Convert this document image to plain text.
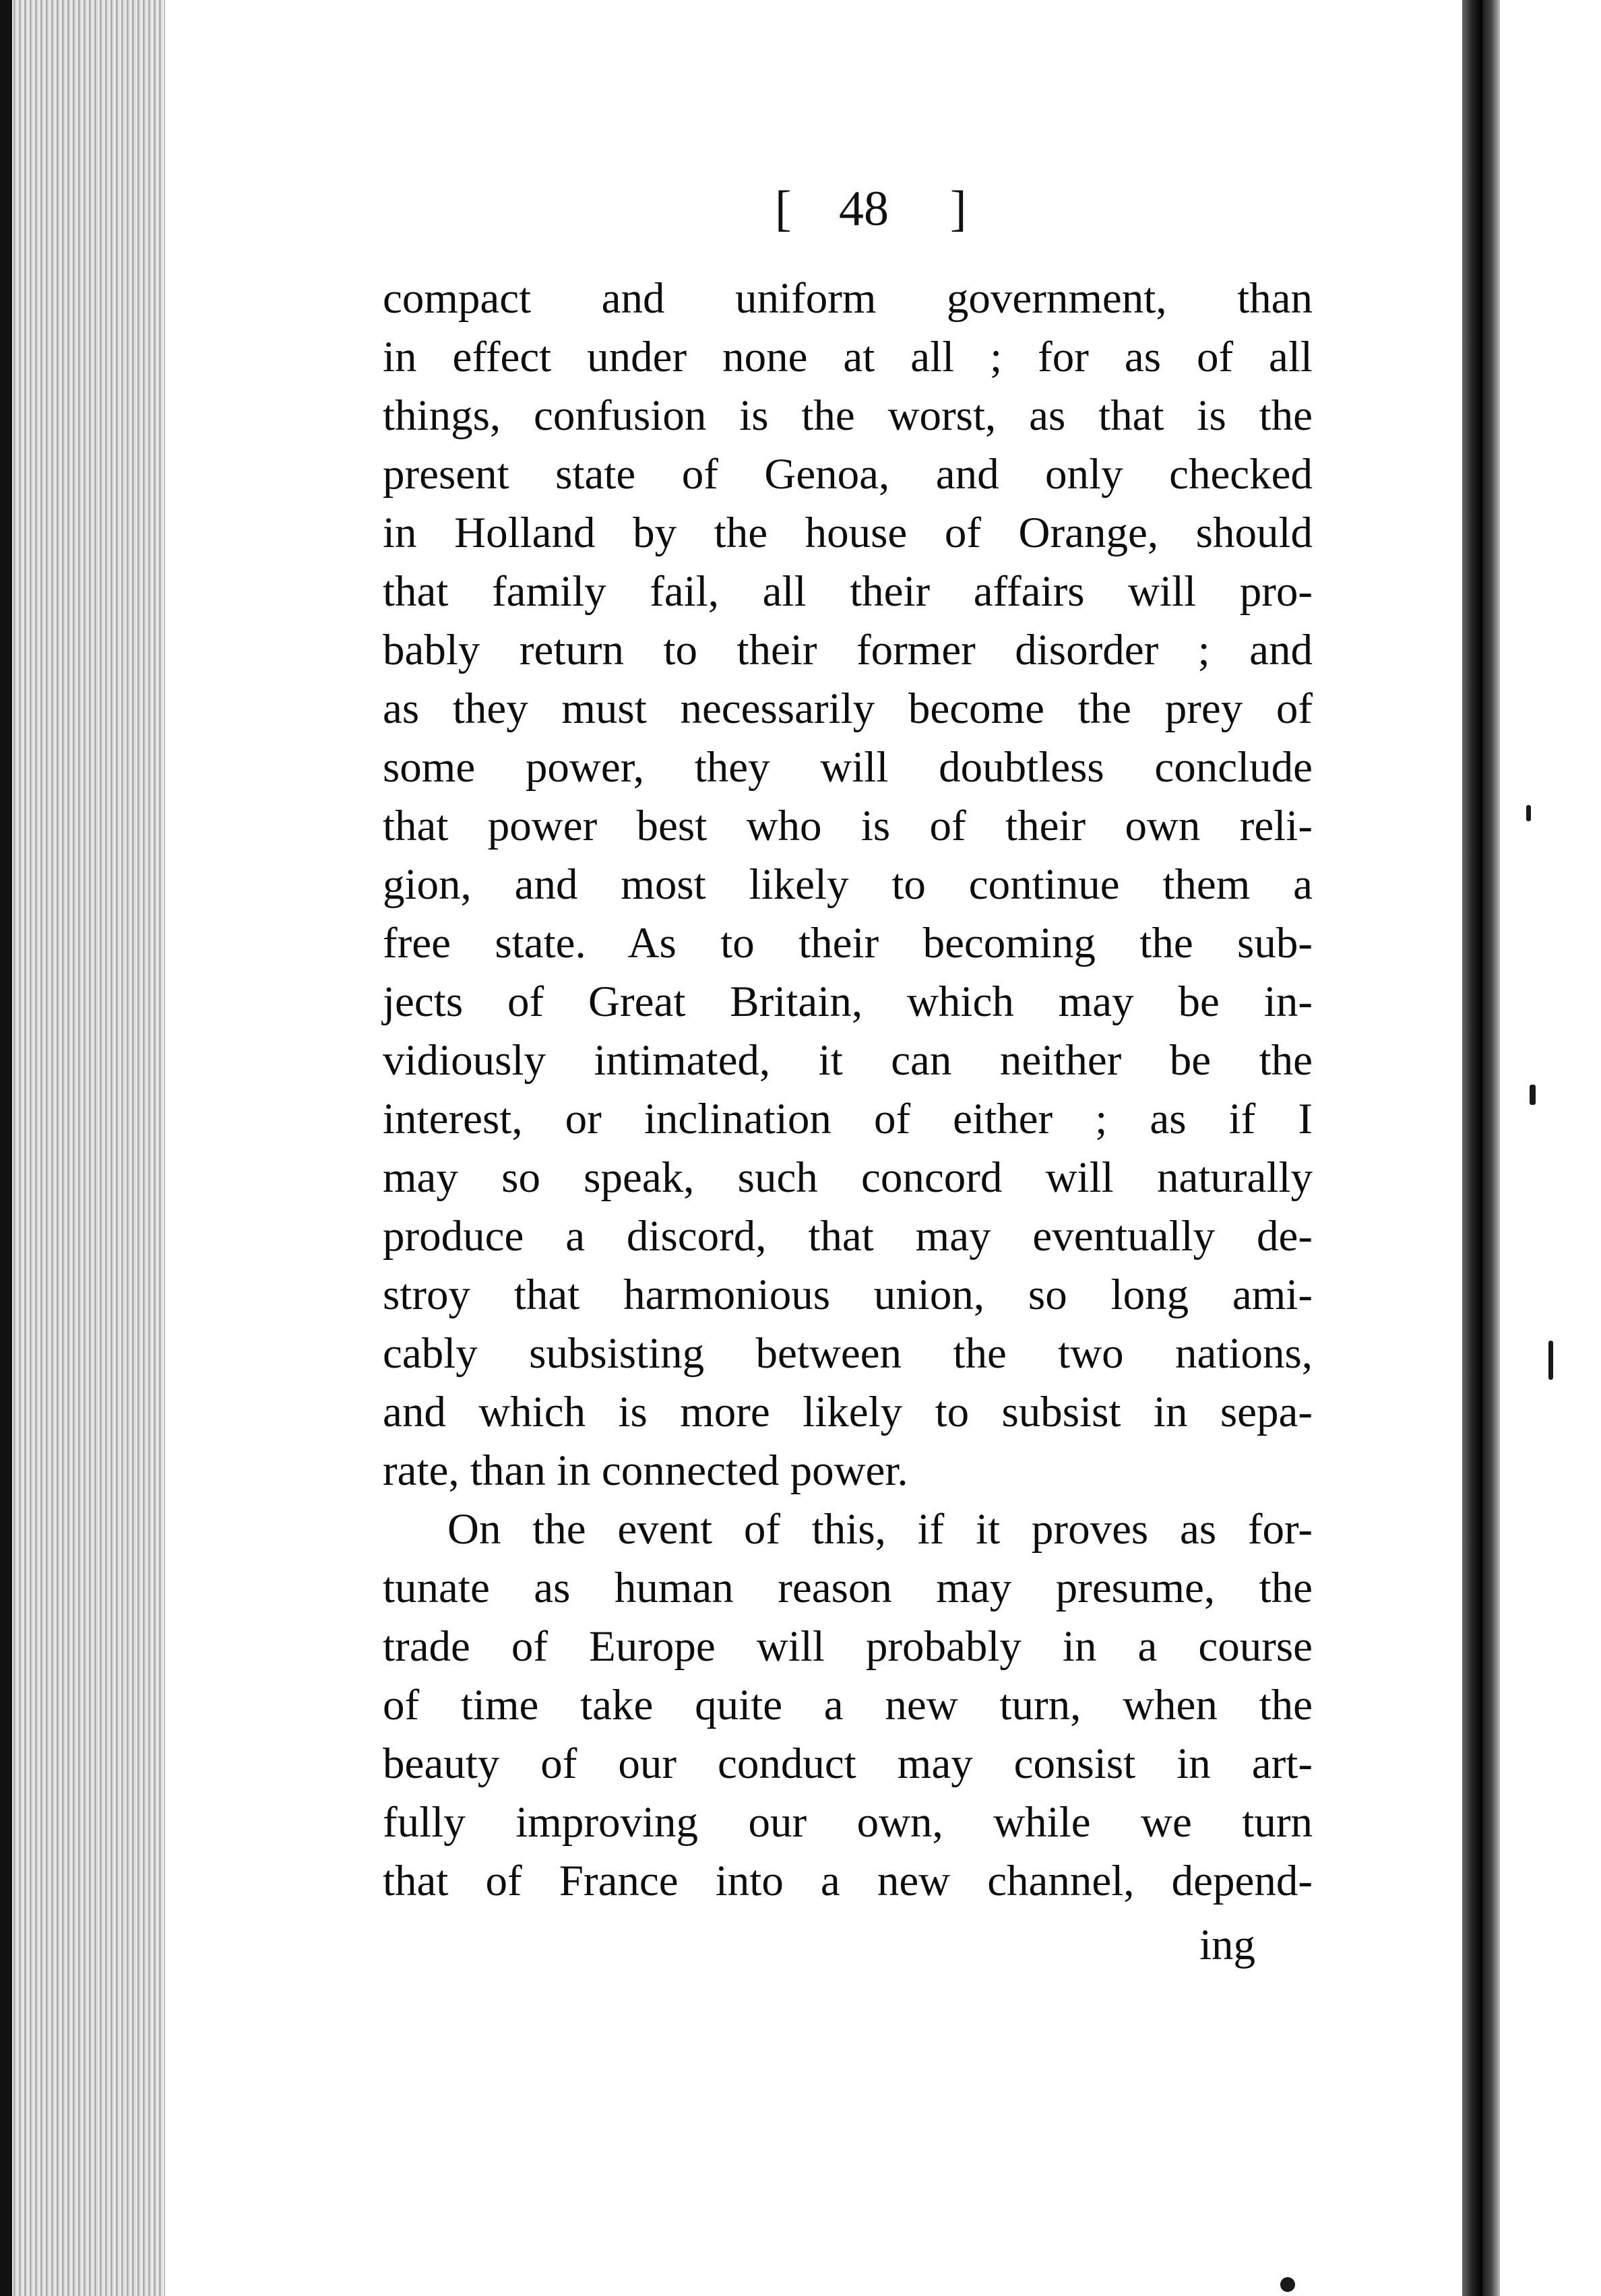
[ 48 ]
compact and uniform government, than
in effect under none at all ; for as of all
things, confusion is the worst, as that is the
present state of Genoa, and only checked
in Holland by the house of Orange, should
that family fail, all their affairs will pro-
bably return to their former disorder ; and
as they must necessarily become the prey of
some power, they will doubtless conclude
that power best who is of their own reli-
gion, and most likely to continue them a
free state. As to their becoming the sub-
jects of Great Britain, which may be in-
vidiously intimated, it can neither be the
interest, or inclination of either ; as if I
may so speak, such concord will naturally
produce a discord, that may eventually de-
stroy that harmonious union, so long ami-
cably subsisting between the two nations,
and which is more likely to subsist in sepa-
rate, than in connected power.
On the event of this, if it proves as for-
tunate as human reason may presume, the
trade of Europe will probably in a course
of time take quite a new turn, when the
beauty of our conduct may consist in art-
fully improving our own, while we turn
that of France into a new channel, depend-
ing
